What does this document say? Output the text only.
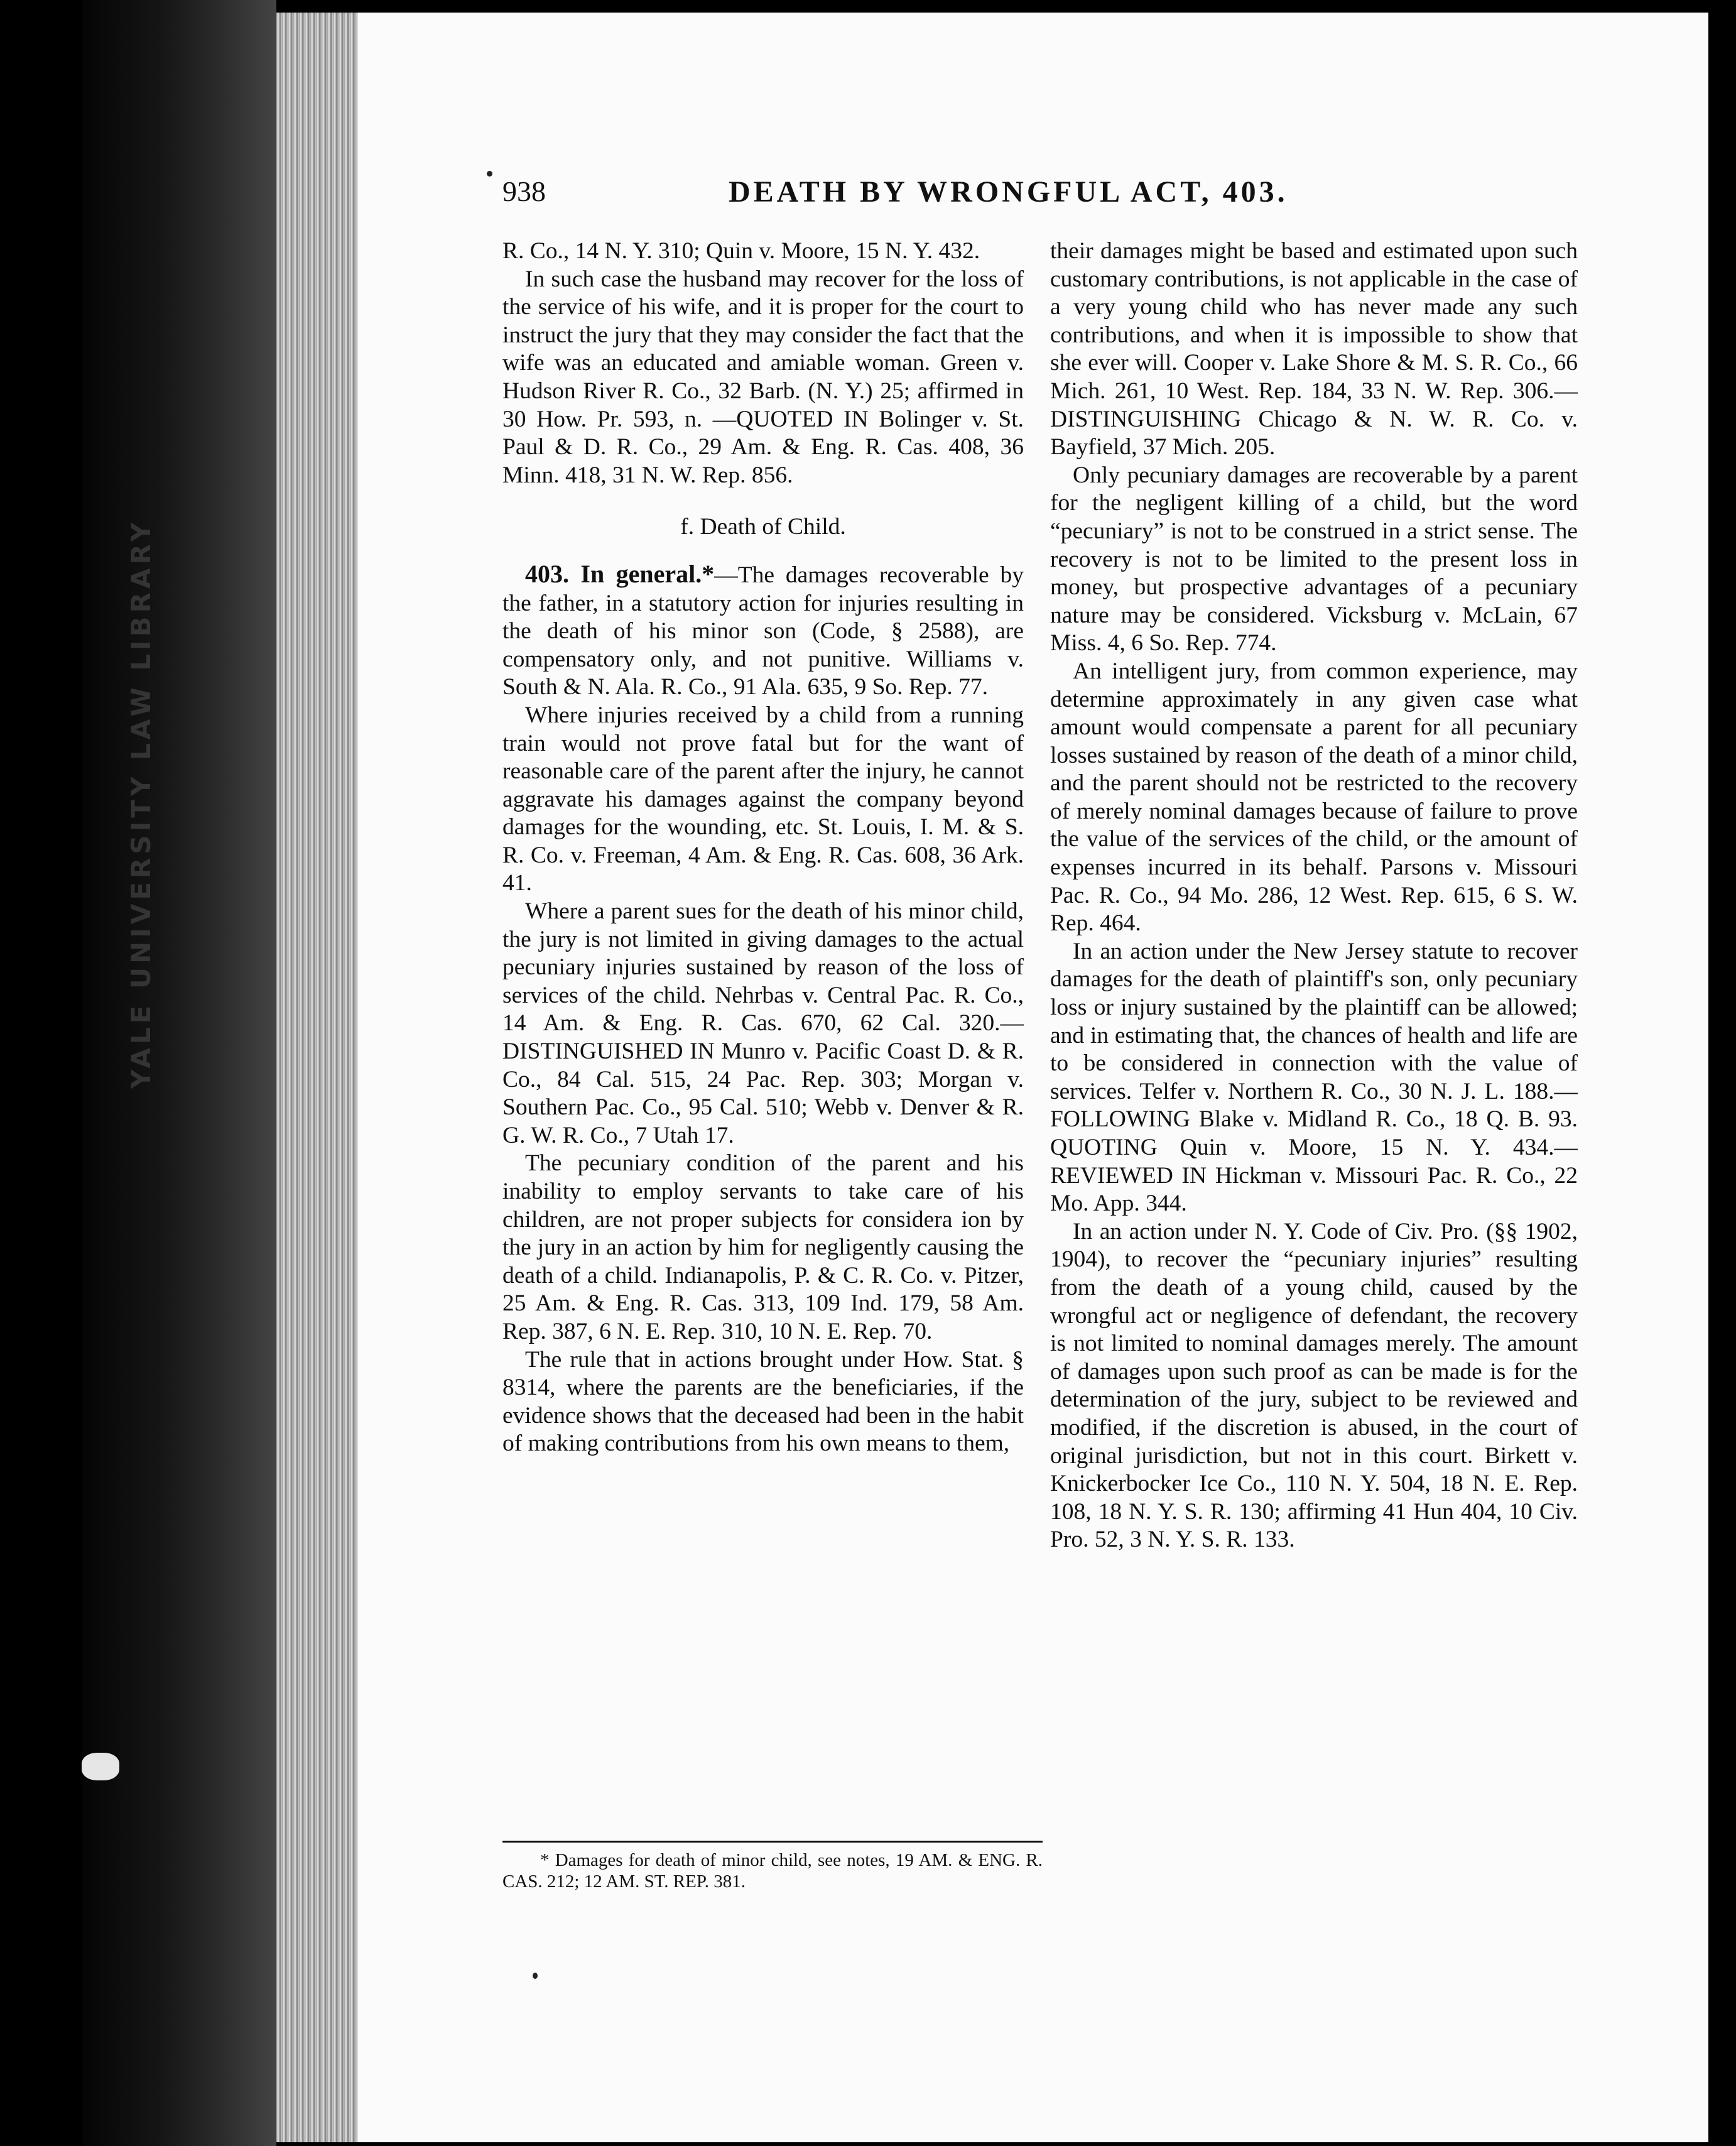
YALE UNIVERSITY LAW LIBRARY
938	DEATH BY WRONGFUL ACT, 403.

R. Co., 14 N. Y. 310; Quin v. Moore, 15 N. Y. 432.

In such case the husband may recover for the loss of the service of his wife, and it is proper for the court to instruct the jury that they may consider the fact that the wife was an educated and amiable woman. Green v. Hudson River R. Co., 32 Barb. (N. Y.) 25; affirmed in 30 How. Pr. 593, n. —QUOTED IN Bolinger v. St. Paul & D. R. Co., 29 Am. & Eng. R. Cas. 408, 36 Minn. 418, 31 N. W. Rep. 856.

f. Death of Child.

403. In general.*—The damages recoverable by the father, in a statutory action for injuries resulting in the death of his minor son (Code, § 2588), are compensatory only, and not punitive. Williams v. South & N. Ala. R. Co., 91 Ala. 635, 9 So. Rep. 77.

Where injuries received by a child from a running train would not prove fatal but for the want of reasonable care of the parent after the injury, he cannot aggravate his damages against the company beyond damages for the wounding, etc. St. Louis, I. M. & S. R. Co. v. Freeman, 4 Am. & Eng. R. Cas. 608, 36 Ark. 41.

Where a parent sues for the death of his minor child, the jury is not limited in giving damages to the actual pecuniary injuries sustained by reason of the loss of services of the child. Nehrbas v. Central Pac. R. Co., 14 Am. & Eng. R. Cas. 670, 62 Cal. 320.—DISTINGUISHED IN Munro v. Pacific Coast D. & R. Co., 84 Cal. 515, 24 Pac. Rep. 303; Morgan v. Southern Pac. Co., 95 Cal. 510; Webb v. Denver & R. G. W. R. Co., 7 Utah 17.

The pecuniary condition of the parent and his inability to employ servants to take care of his children, are not proper subjects for considera ion by the jury in an action by him for negligently causing the death of a child. Indianapolis, P. & C. R. Co. v. Pitzer, 25 Am. & Eng. R. Cas. 313, 109 Ind. 179, 58 Am. Rep. 387, 6 N. E. Rep. 310, 10 N. E. Rep. 70.

The rule that in actions brought under How. Stat. § 8314, where the parents are the beneficiaries, if the evidence shows that the deceased had been in the habit of making contributions from his own means to them,

their damages might be based and estimated upon such customary contributions, is not applicable in the case of a very young child who has never made any such contributions, and when it is impossible to show that she ever will. Cooper v. Lake Shore & M. S. R. Co., 66 Mich. 261, 10 West. Rep. 184, 33 N. W. Rep. 306.—DISTINGUISHING Chicago & N. W. R. Co. v. Bayfield, 37 Mich. 205.

Only pecuniary damages are recoverable by a parent for the negligent killing of a child, but the word “pecuniary” is not to be construed in a strict sense. The recovery is not to be limited to the present loss in money, but prospective advantages of a pecuniary nature may be considered. Vicksburg v. McLain, 67 Miss. 4, 6 So. Rep. 774.

An intelligent jury, from common experience, may determine approximately in any given case what amount would compensate a parent for all pecuniary losses sustained by reason of the death of a minor child, and the parent should not be restricted to the recovery of merely nominal damages because of failure to prove the value of the services of the child, or the amount of expenses incurred in its behalf. Parsons v. Missouri Pac. R. Co., 94 Mo. 286, 12 West. Rep. 615, 6 S. W. Rep. 464.

In an action under the New Jersey statute to recover damages for the death of plaintiff's son, only pecuniary loss or injury sustained by the plaintiff can be allowed; and in estimating that, the chances of health and life are to be considered in connection with the value of services. Telfer v. Northern R. Co., 30 N. J. L. 188.—FOLLOWING Blake v. Midland R. Co., 18 Q. B. 93. QUOTING Quin v. Moore, 15 N. Y. 434.—REVIEWED IN Hickman v. Missouri Pac. R. Co., 22 Mo. App. 344.

In an action under N. Y. Code of Civ. Pro. (§§ 1902, 1904), to recover the “pecuniary injuries” resulting from the death of a young child, caused by the wrongful act or negligence of defendant, the recovery is not limited to nominal damages merely. The amount of damages upon such proof as can be made is for the determination of the jury, subject to be reviewed and modified, if the discretion is abused, in the court of original jurisdiction, but not in this court. Birkett v. Knickerbocker Ice Co., 110 N. Y. 504, 18 N. E. Rep. 108, 18 N. Y. S. R. 130; affirming 41 Hun 404, 10 Civ. Pro. 52, 3 N. Y. S. R. 133.

* Damages for death of minor child, see notes, 19 AM. & ENG. R. CAS. 212; 12 AM. ST. REP. 381.
